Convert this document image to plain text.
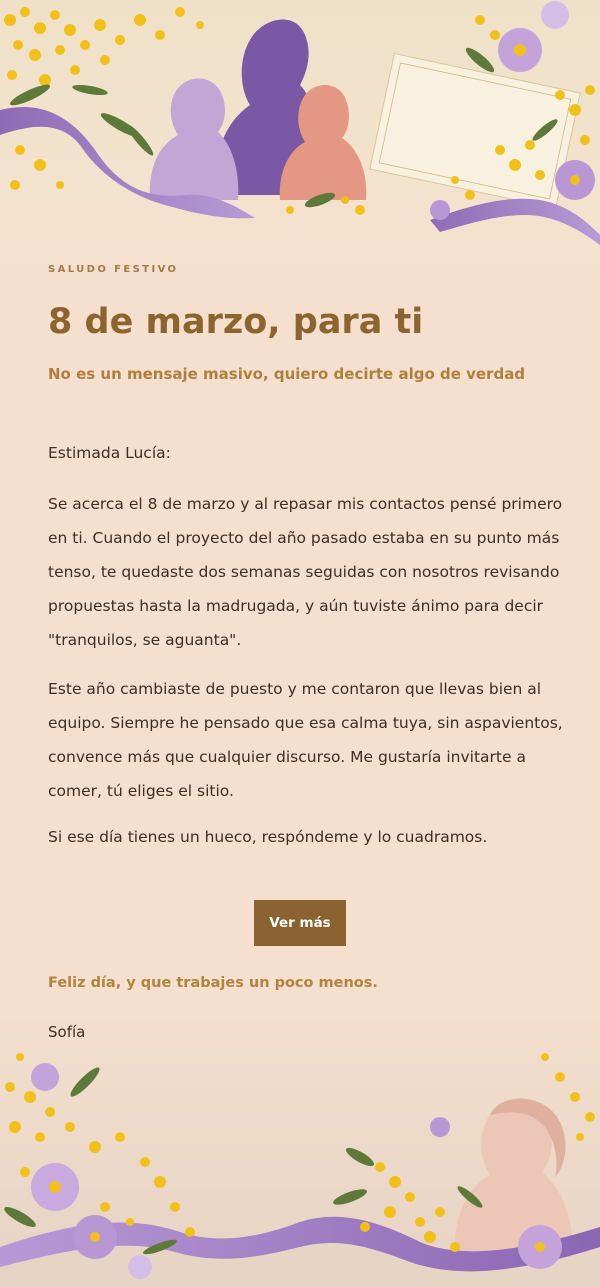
SALUDO FESTIVO
8 de marzo, para ti
No es un mensaje masivo, quiero decirte algo de verdad
Estimada Lucía:

Se acerca el 8 de marzo y al repasar mis contactos pensé primero en ti. Cuando el proyecto del año pasado estaba en su punto más tenso, te quedaste dos semanas seguidas con nosotros revisando propuestas hasta la madrugada, y aún tuviste ánimo para decir "tranquilos, se aguanta".

Este año cambiaste de puesto y me contaron que llevas bien al equipo. Siempre he pensado que esa calma tuya, sin aspavientos, convence más que cualquier discurso. Me gustaría invitarte a comer, tú eliges el sitio.

Si ese día tienes un hueco, respóndeme y lo cuadramos.

Ver más
Feliz día, y que trabajes un poco menos.
Sofía
